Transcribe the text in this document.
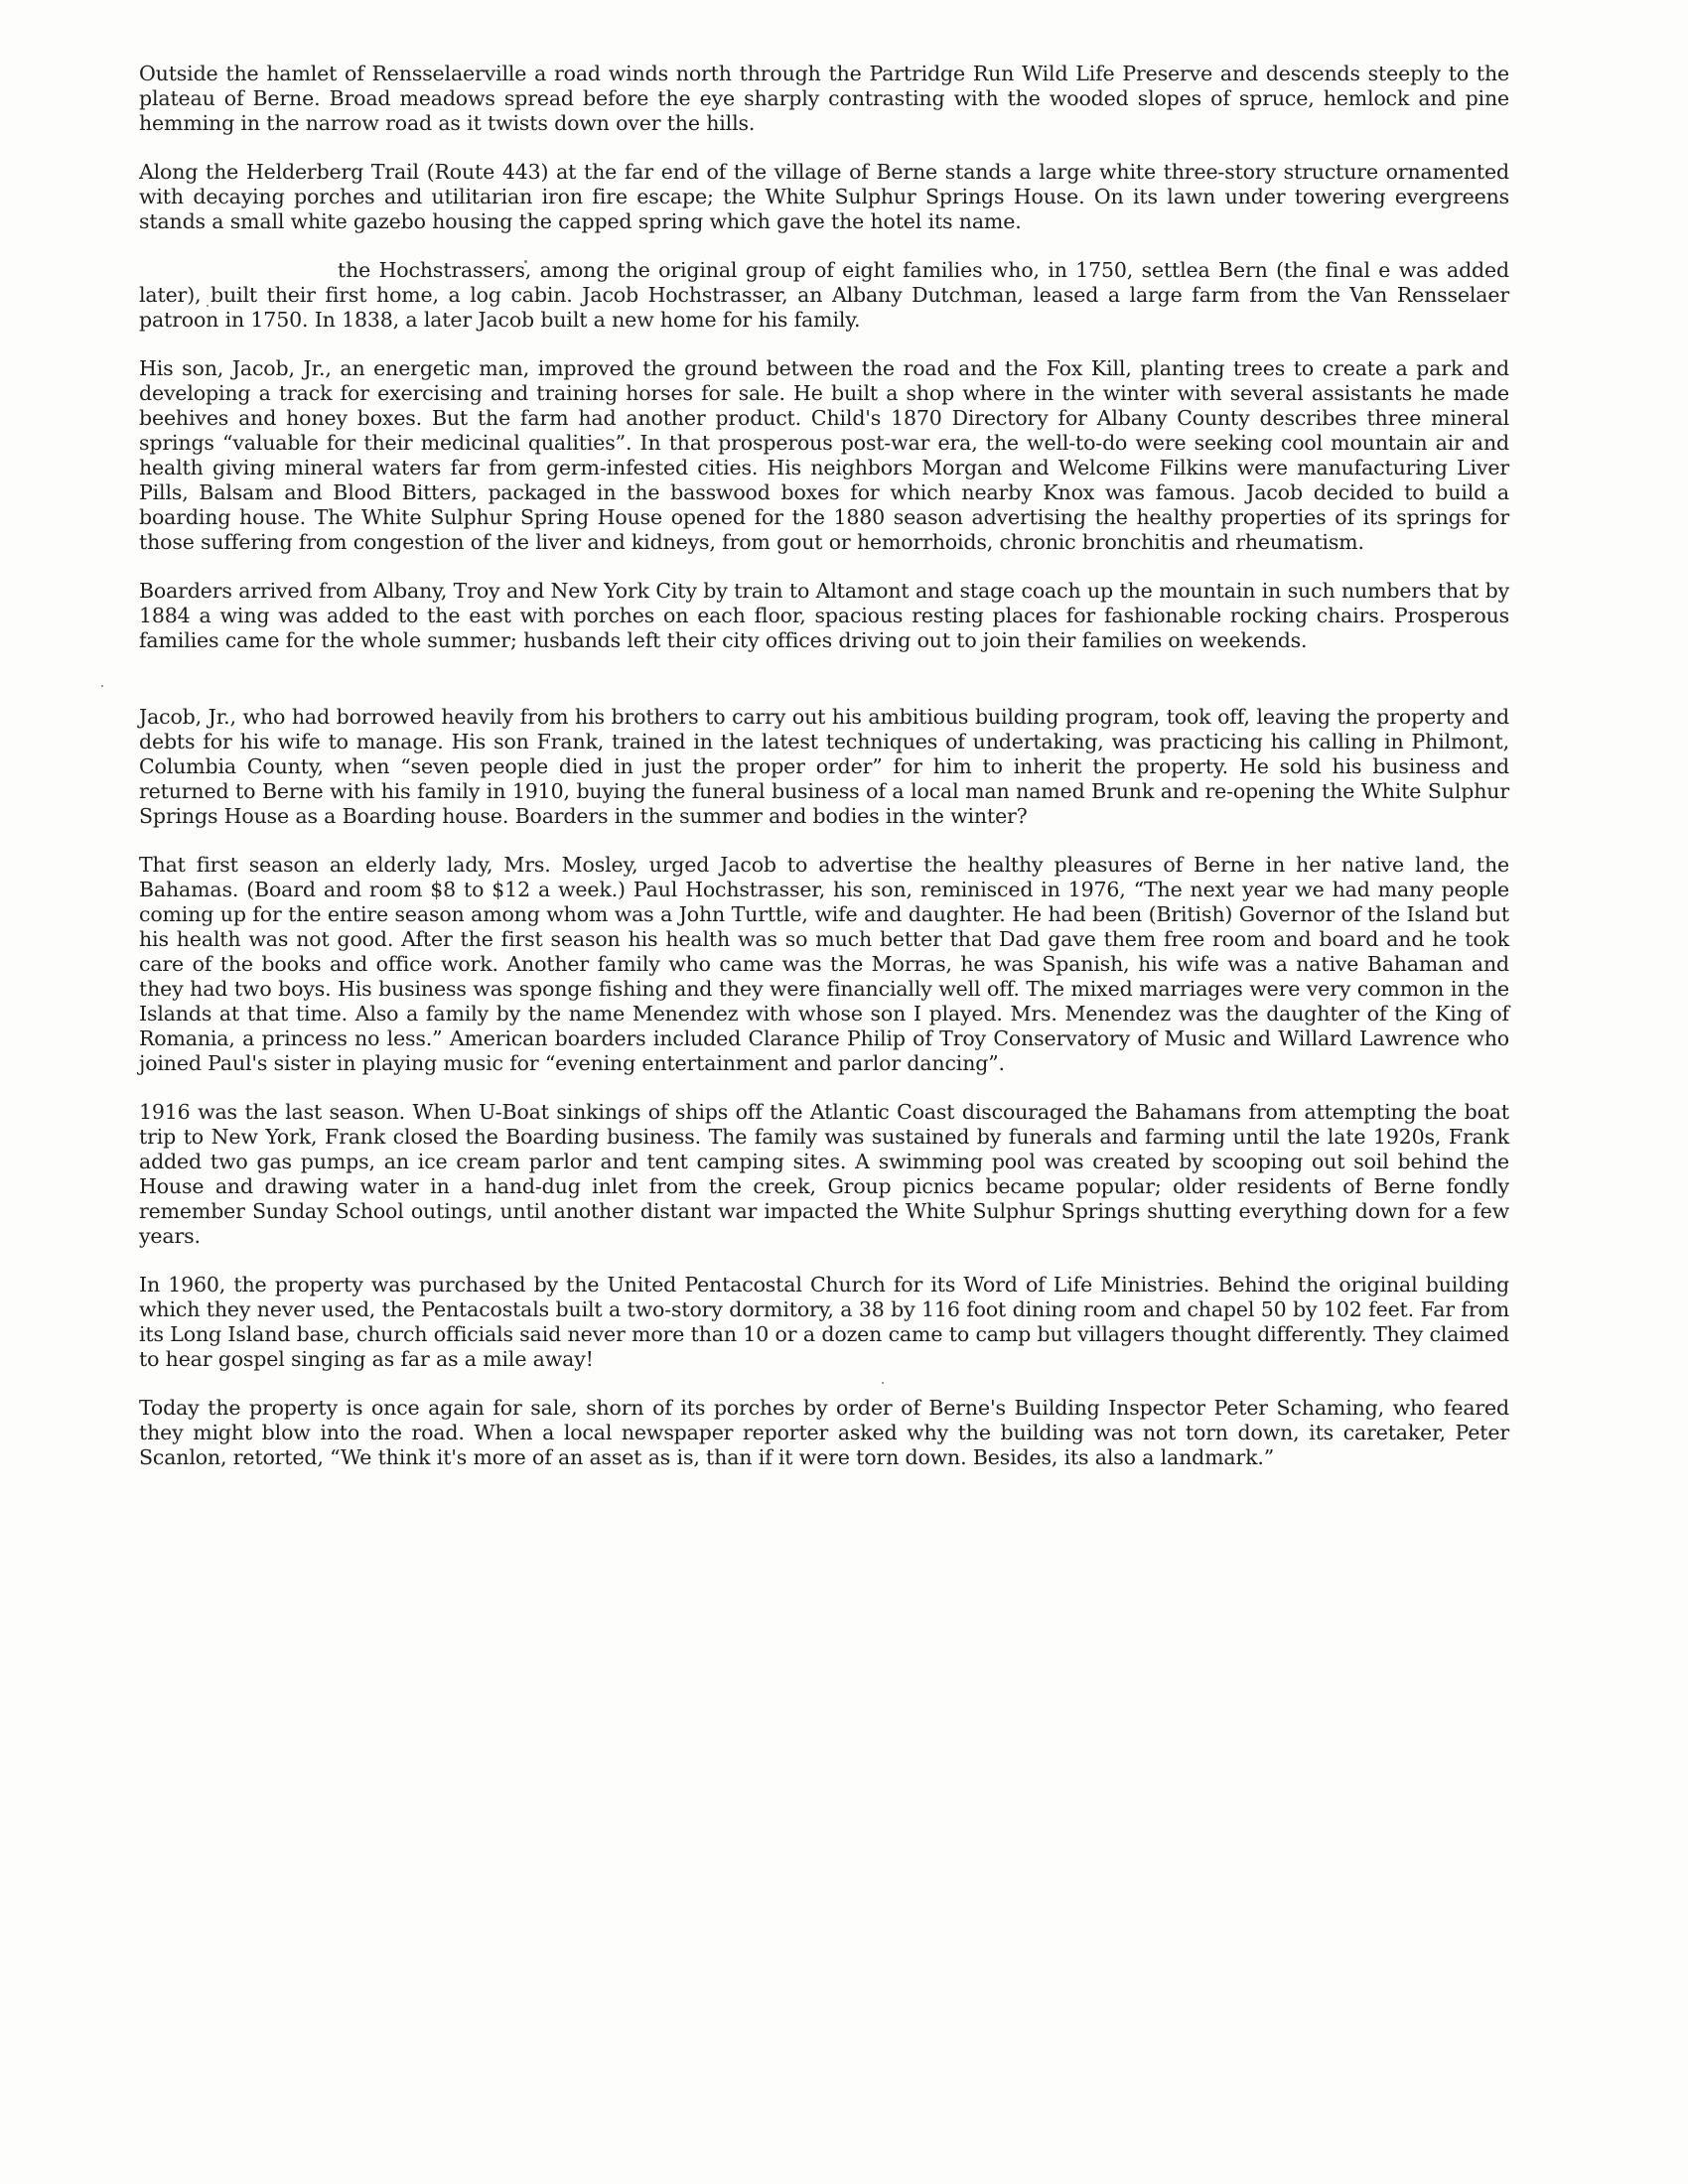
Outside the hamlet of Rensselaerville a road winds north through the Partridge Run Wild Life Preserve and descends steeply to the plateau of Berne. Broad meadows spread before the eye sharply contrasting with the wooded slopes of spruce, hemlock and pine hemming in the narrow road as it twists down over the hills.

Along the Helderberg Trail (Route 443) at the far end of the village of Berne stands a large white three-story structure ornamented with decaying porches and utilitarian iron fire escape; the White Sulphur Springs House. On its lawn under towering evergreens stands a small white gazebo housing the capped spring which gave the hotel its name.

the Hochstrassers, among the original group of eight families who, in 1750, settlea Bern (the final e was added later), built their first home, a log cabin. Jacob Hochstrasser, an Albany Dutchman, leased a large farm from the Van Rensselaer patroon in 1750. In 1838, a later Jacob built a new home for his family.

His son, Jacob, Jr., an energetic man, improved the ground between the road and the Fox Kill, planting trees to create a park and developing a track for exercising and training horses for sale. He built a shop where in the winter with several assistants he made beehives and honey boxes. But the farm had another product. Child's 1870 Directory for Albany County describes three mineral springs “valuable for their medicinal qualities”. In that prosperous post-war era, the well-to-do were seeking cool mountain air and health giving mineral waters far from germ-infested cities. His neighbors Morgan and Welcome Filkins were manufacturing Liver Pills, Balsam and Blood Bitters, packaged in the basswood boxes for which nearby Knox was famous. Jacob decided to build a boarding house. The White Sulphur Spring House opened for the 1880 season advertising the healthy properties of its springs for those suffering from congestion of the liver and kidneys, from gout or hemorrhoids, chronic bronchitis and rheumatism.

Boarders arrived from Albany, Troy and New York City by train to Altamont and stage coach up the mountain in such numbers that by 1884 a wing was added to the east with porches on each floor, spacious resting places for fashionable rocking chairs. Prosperous families came for the whole summer; husbands left their city offices driving out to join their families on weekends.

Jacob, Jr., who had borrowed heavily from his brothers to carry out his ambitious building program, took off, leaving the property and debts for his wife to manage. His son Frank, trained in the latest techniques of undertaking, was practicing his calling in Philmont, Columbia County, when “seven people died in just the proper order” for him to inherit the property. He sold his business and returned to Berne with his family in 1910, buying the funeral business of a local man named Brunk and re-opening the White Sulphur Springs House as a Boarding house. Boarders in the summer and bodies in the winter?

That first season an elderly lady, Mrs. Mosley, urged Jacob to advertise the healthy pleasures of Berne in her native land, the Bahamas. (Board and room $8 to $12 a week.) Paul Hochstrasser, his son, reminisced in 1976, “The next year we had many people coming up for the entire season among whom was a John Turttle, wife and daughter. He had been (British) Governor of the Island but his health was not good. After the first season his health was so much better that Dad gave them free room and board and he took care of the books and office work. Another family who came was the Morras, he was Spanish, his wife was a native Bahaman and they had two boys. His business was sponge fishing and they were financially well off. The mixed marriages were very common in the Islands at that time. Also a family by the name Menendez with whose son I played. Mrs. Menendez was the daughter of the King of Romania, a princess no less.” American boarders included Clarance Philip of Troy Conservatory of Music and Willard Lawrence who joined Paul's sister in playing music for “evening entertainment and parlor dancing”.

1916 was the last season. When U-Boat sinkings of ships off the Atlantic Coast discouraged the Bahamans from attempting the boat trip to New York, Frank closed the Boarding business. The family was sustained by funerals and farming until the late 1920s, Frank added two gas pumps, an ice cream parlor and tent camping sites. A swimming pool was created by scooping out soil behind the House and drawing water in a hand-dug inlet from the creek, Group picnics became popular; older residents of Berne fondly remember Sunday School outings, until another distant war impacted the White Sulphur Springs shutting everything down for a few years.

In 1960, the property was purchased by the United Pentacostal Church for its Word of Life Ministries. Behind the original building which they never used, the Pentacostals built a two-story dormitory, a 38 by 116 foot dining room and chapel 50 by 102 feet. Far from its Long Island base, church officials said never more than 10 or a dozen came to camp but villagers thought differently. They claimed to hear gospel singing as far as a mile away!

Today the property is once again for sale, shorn of its porches by order of Berne's Building Inspector Peter Schaming, who feared they might blow into the road. When a local newspaper reporter asked why the building was not torn down, its caretaker, Peter Scanlon, retorted, “We think it's more of an asset as is, than if it were torn down. Besides, its also a landmark.”
